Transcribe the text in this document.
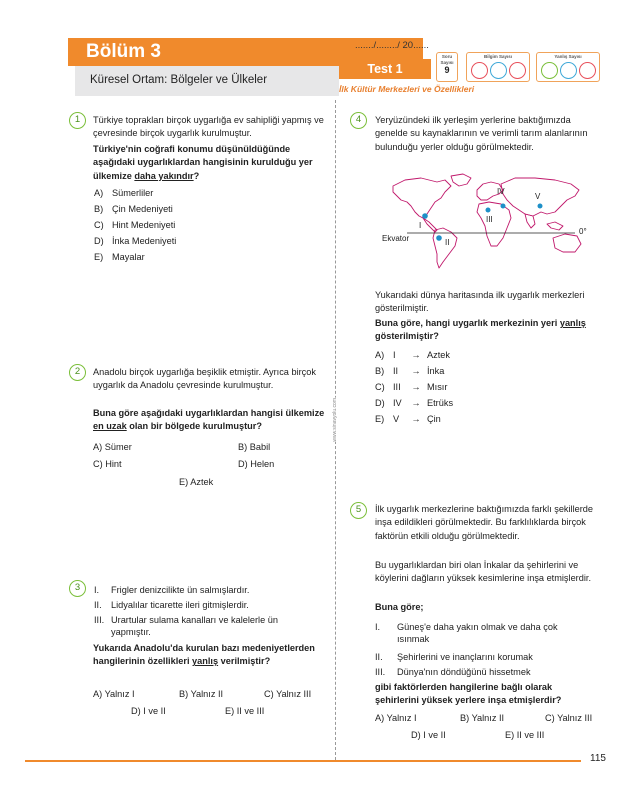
Bölüm 3
Küresel Ortam: Bölgeler ve Ülkeler
......./......../ 20......
Test 1
İlk Kültür Merkezleri ve Özellikleri
Soru Sayısı
9
Bilgim Sayısı	Yanlış Sayısı
www.sinavyolu.com
1	Türkiye toprakları birçok uygarlığa ev sahipliği yapmış ve çevresinde birçok uygarlık kurulmuştur.
Türkiye'nin coğrafi konumu düşünüldüğünde aşağıdaki uygarlıklardan hangisinin kurulduğu yer ülkemize daha yakındır?
A) Sümerliler
B) Çin Medeniyeti
C) Hint Medeniyeti
D) İnka Medeniyeti
E) Mayalar
2	Anadolu birçok uygarlığa beşiklik etmiştir. Ayrıca birçok uygarlık da Anadolu çevresinde kurulmuştur.
Buna göre aşağıdaki uygarlıklardan hangisi ülkemize en uzak olan bir bölgede kurulmuştur?
A) Sümer	B) Babil
C) Hint	D) Helen
E) Aztek
3	I. Frigler denizcilikte ün salmışlardır.
II. Lidyalılar ticarette ileri gitmişlerdir.
III. Urartular sulama kanalları ve kalelerle ün yapmıştır.
Yukarıda Anadolu'da kurulan bazı medeniyetlerden hangilerinin özellikleri yanlış verilmiştir?
A) Yalnız I	B) Yalnız II	C) Yalnız III
D) I ve II	E) II ve III
4	Yeryüzündeki ilk yerleşim yerlerine baktığımızda genelde su kaynaklarının ve verimli tarım alanlarının bulunduğu yerler olduğu görülmektedir.
I
II
III
IV
V
Ekvator
0°
Yukarıdaki dünya haritasında ilk uygarlık merkezleri gösterilmiştir.
Buna göre, hangi uygarlık merkezinin yeri yanlış gösterilmiştir?
A) I → Aztek
B) II → İnka
C) III → Mısır
D) IV → Etrüks
E) V → Çin
5	İlk uygarlık merkezlerine baktığımızda farklı şekillerde inşa edildikleri görülmektedir. Bu farklılıklarda birçok faktörün etkili olduğu görülmektedir.
Bu uygarlıklardan biri olan İnkalar da şehirlerini ve köylerini dağların yüksek kesimlerine inşa etmişlerdir.
Buna göre;
I.	Güneş'e daha yakın olmak ve daha çok ısınmak
II. Şehirlerini ve inançlarını korumak
III. Dünya'nın döndüğünü hissetmek
gibi faktörlerden hangilerine bağlı olarak şehirlerini yüksek yerlere inşa etmişlerdir?
A) Yalnız I	B) Yalnız II	C) Yalnız III
D) I ve II	E) II ve III
115
